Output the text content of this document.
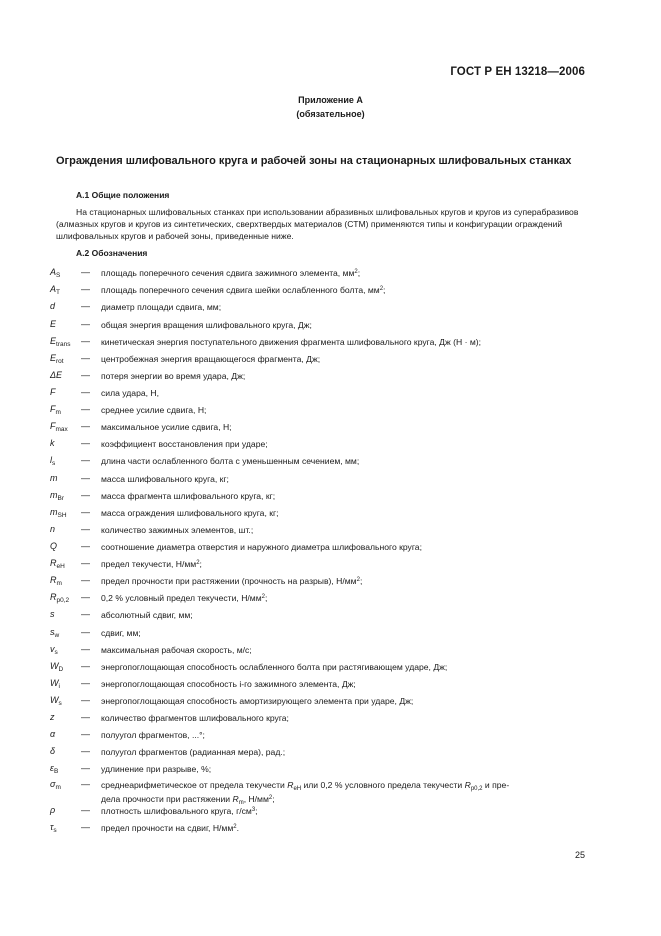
ГОСТ Р ЕН 13218—2006
Приложение А
(обязательное)
Ограждения шлифовального круга и рабочей зоны на стационарных шлифовальных станках
А.1 Общие положения
На стационарных шлифовальных станках при использовании абразивных шлифовальных кругов и кругов из суперабразивов (алмазных кругов и кругов из синтетических, сверхтвердых материалов (СТМ) применяются типы и конфигурации ограждений шлифовальных кругов и рабочей зоны, приведенные ниже.
А.2 Обозначения
$A_S$ — площадь поперечного сечения сдвига зажимного элемента, $мм^2$;
$A_T$ — площадь поперечного сечения сдвига шейки ослабленного болта, $мм^2$;
d	— диаметр площади сдвига, мм;
E	— общая энергия вращения шлифовального круга, Дж;
$E_{trans}$ — кинетическая энергия поступательного движения фрагмента шлифовального круга, Дж (Н · м);
$E_{rot}$ — центробежная энергия вращающегося фрагмента, Дж;
ΔE — потеря энергии во время удара, Дж;
F	— сила удара, Н,
$F_m$ — среднее усилие сдвига, Н;
$F_{max}$ — максимальное усилие сдвига, Н;
k	— коэффициент восстановления при ударе;
$l_s$	— длина части ослабленного болта с уменьшенным сечением, мм;
m	— масса шлифовального круга, кг;
$m_{Br}$ — масса фрагмента шлифовального круга, кг;
$m_{SH}$ — масса ограждения шлифовального круга, кг;
n	— количество зажимных элементов, шт.;
Q	— соотношение диаметра отверстия и наружного диаметра шлифовального круга;
$R_{eH}$ — предел текучести, $Н/мм^2$;
$R_m$ — предел прочности при растяжении (прочность на разрыв), $Н/мм^2$;
$R_{p0,2}$ — 0,2 % условный предел текучести, $Н/мм^2$;
s	— абсолютный сдвиг, мм;
$s_w$ — сдвиг, мм;
$v_s$	— максимальная рабочая скорость, м/с;
$W_D$ — энергопоглощающая способность ослабленного болта при растягивающем ударе, Дж;
$W_i$ — энергопоглощающая способность i-го зажимного элемента, Дж;
$W_s$ — энергопоглощающая способность амортизирующего элемента при ударе, Дж;
z	— количество фрагментов шлифовального круга;
α	— полуугол фрагментов, ...°;
δ	— полуугол фрагментов (радианная мера), рад.;
$\varepsilon_B$	— удлинение при разрыве, %;
$\sigma_m$ — среднеарифметическое от предела текучести $R_{eH}$ или 0,2 % условного предела текучести $R_{p0,2}$ и пре-
дела прочности при растяжении $R_m$, $Н/мм^2$;
ρ	— плотность шлифовального круга, $г/см^3$;
$\tau_s$	— предел прочности на сдвиг, $Н/мм^2$.
25
